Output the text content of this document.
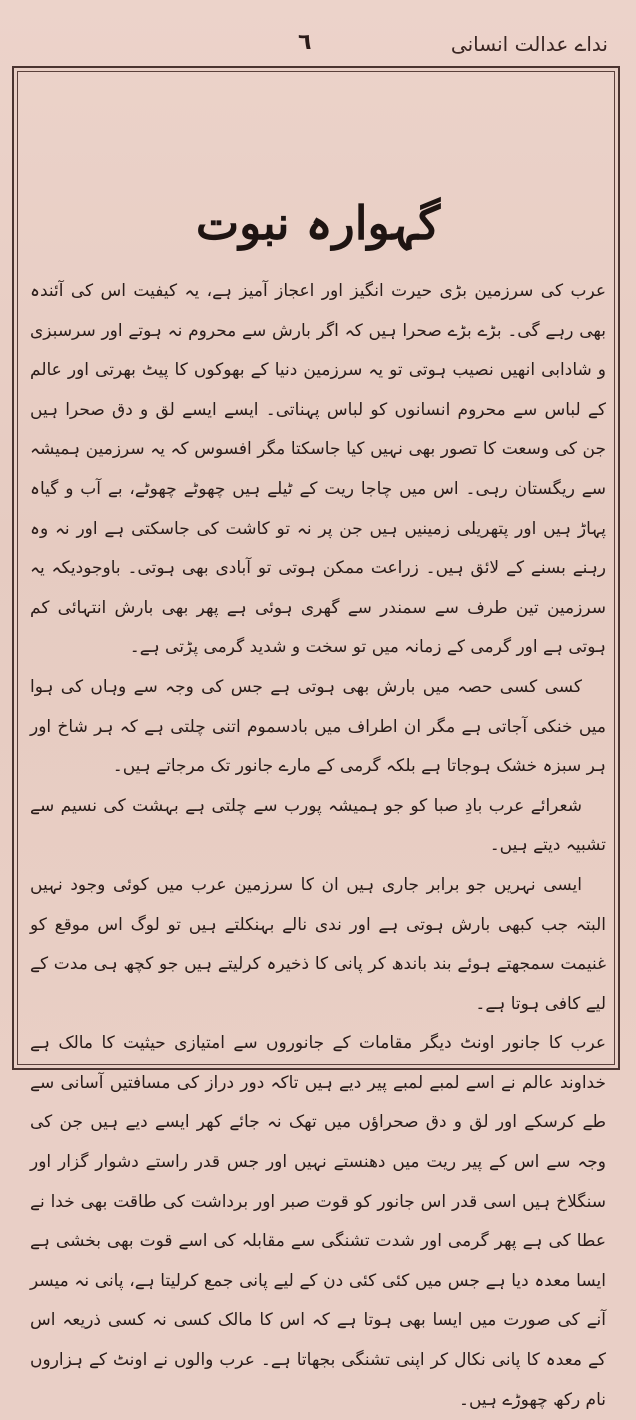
نداے عدالت انسانی
٦
گہوارہ نبوت

عرب کی سرزمین بڑی حیرت انگیز اور اعجاز آمیز ہے، یہ کیفیت اس کی آئندہ بھی رہے گی۔ بڑے بڑے صحرا ہیں کہ اگر بارش سے محروم نہ ہوتے اور سرسبزی و شادابی انھیں نصیب ہوتی تو یہ سرزمین دنیا کے بھوکوں کا پیٹ بھرتی اور عالم کے لباس سے محروم انسانوں کو لباس پہناتی۔ ایسے ایسے لق و دق صحرا ہیں جن کی وسعت کا تصور بھی نہیں کیا جاسکتا مگر افسوس کہ یہ سرزمین ہمیشہ سے ریگستان رہی۔ اس میں چاجا ریت کے ٹیلے ہیں چھوٹے چھوٹے، بے آب و گیاہ پہاڑ ہیں اور پتھریلی زمینیں ہیں جن پر نہ تو کاشت کی جاسکتی ہے اور نہ وہ رہنے بسنے کے لائق ہیں۔ زراعت ممکن ہوتی تو آبادی بھی ہوتی۔ باوجودیکہ یہ سرزمین تین طرف سے سمندر سے گھری ہوئی ہے پھر بھی بارش انتہائی کم ہوتی ہے اور گرمی کے زمانہ میں تو سخت و شدید گرمی پڑتی ہے۔

کسی کسی حصہ میں بارش بھی ہوتی ہے جس کی وجہ سے وہاں کی ہوا میں خنکی آجاتی ہے مگر ان اطراف میں بادسموم اتنی چلتی ہے کہ ہر شاخ اور ہر سبزہ خشک ہوجاتا ہے بلکہ گرمی کے مارے جانور تک مرجاتے ہیں۔

شعرائے عرب بادِ صبا کو جو ہمیشہ پورب سے چلتی ہے بہشت کی نسیم سے تشبیہ دیتے ہیں۔

ایسی نہریں جو برابر جاری ہیں ان کا سرزمین عرب میں کوئی وجود نہیں البتہ جب کبھی بارش ہوتی ہے اور ندی نالے بہنکلتے ہیں تو لوگ اس موقع کو غنیمت سمجھتے ہوئے بند باندھ کر پانی کا ذخیرہ کرلیتے ہیں جو کچھ ہی مدت کے لیے کافی ہوتا ہے۔

عرب کا جانور اونٹ دیگر مقامات کے جانوروں سے امتیازی حیثیت کا مالک ہے خداوند عالم نے اسے لمبے لمبے پیر دیے ہیں تاکہ دور دراز کی مسافتیں آسانی سے طے کرسکے اور لق و دق صحراؤں میں تھک نہ جائے کھر ایسے دیے ہیں جن کی وجہ سے اس کے پیر ریت میں دھنستے نہیں اور جس قدر راستے دشوار گزار اور سنگلاخ ہیں اسی قدر اس جانور کو قوت صبر اور برداشت کی طاقت بھی خدا نے عطا کی ہے پھر گرمی اور شدت تشنگی سے مقابلہ کی اسے قوت بھی بخشی ہے ایسا معدہ دیا ہے جس میں کئی کئی دن کے لیے پانی جمع کرلیتا ہے، پانی نہ میسر آنے کی صورت میں ایسا بھی ہوتا ہے کہ اس کا مالک کسی نہ کسی ذریعہ اس کے معدہ کا پانی نکال کر اپنی تشنگی بجھاتا ہے۔ عرب والوں نے اونٹ کے ہزاروں نام رکھ چھوڑے ہیں۔
